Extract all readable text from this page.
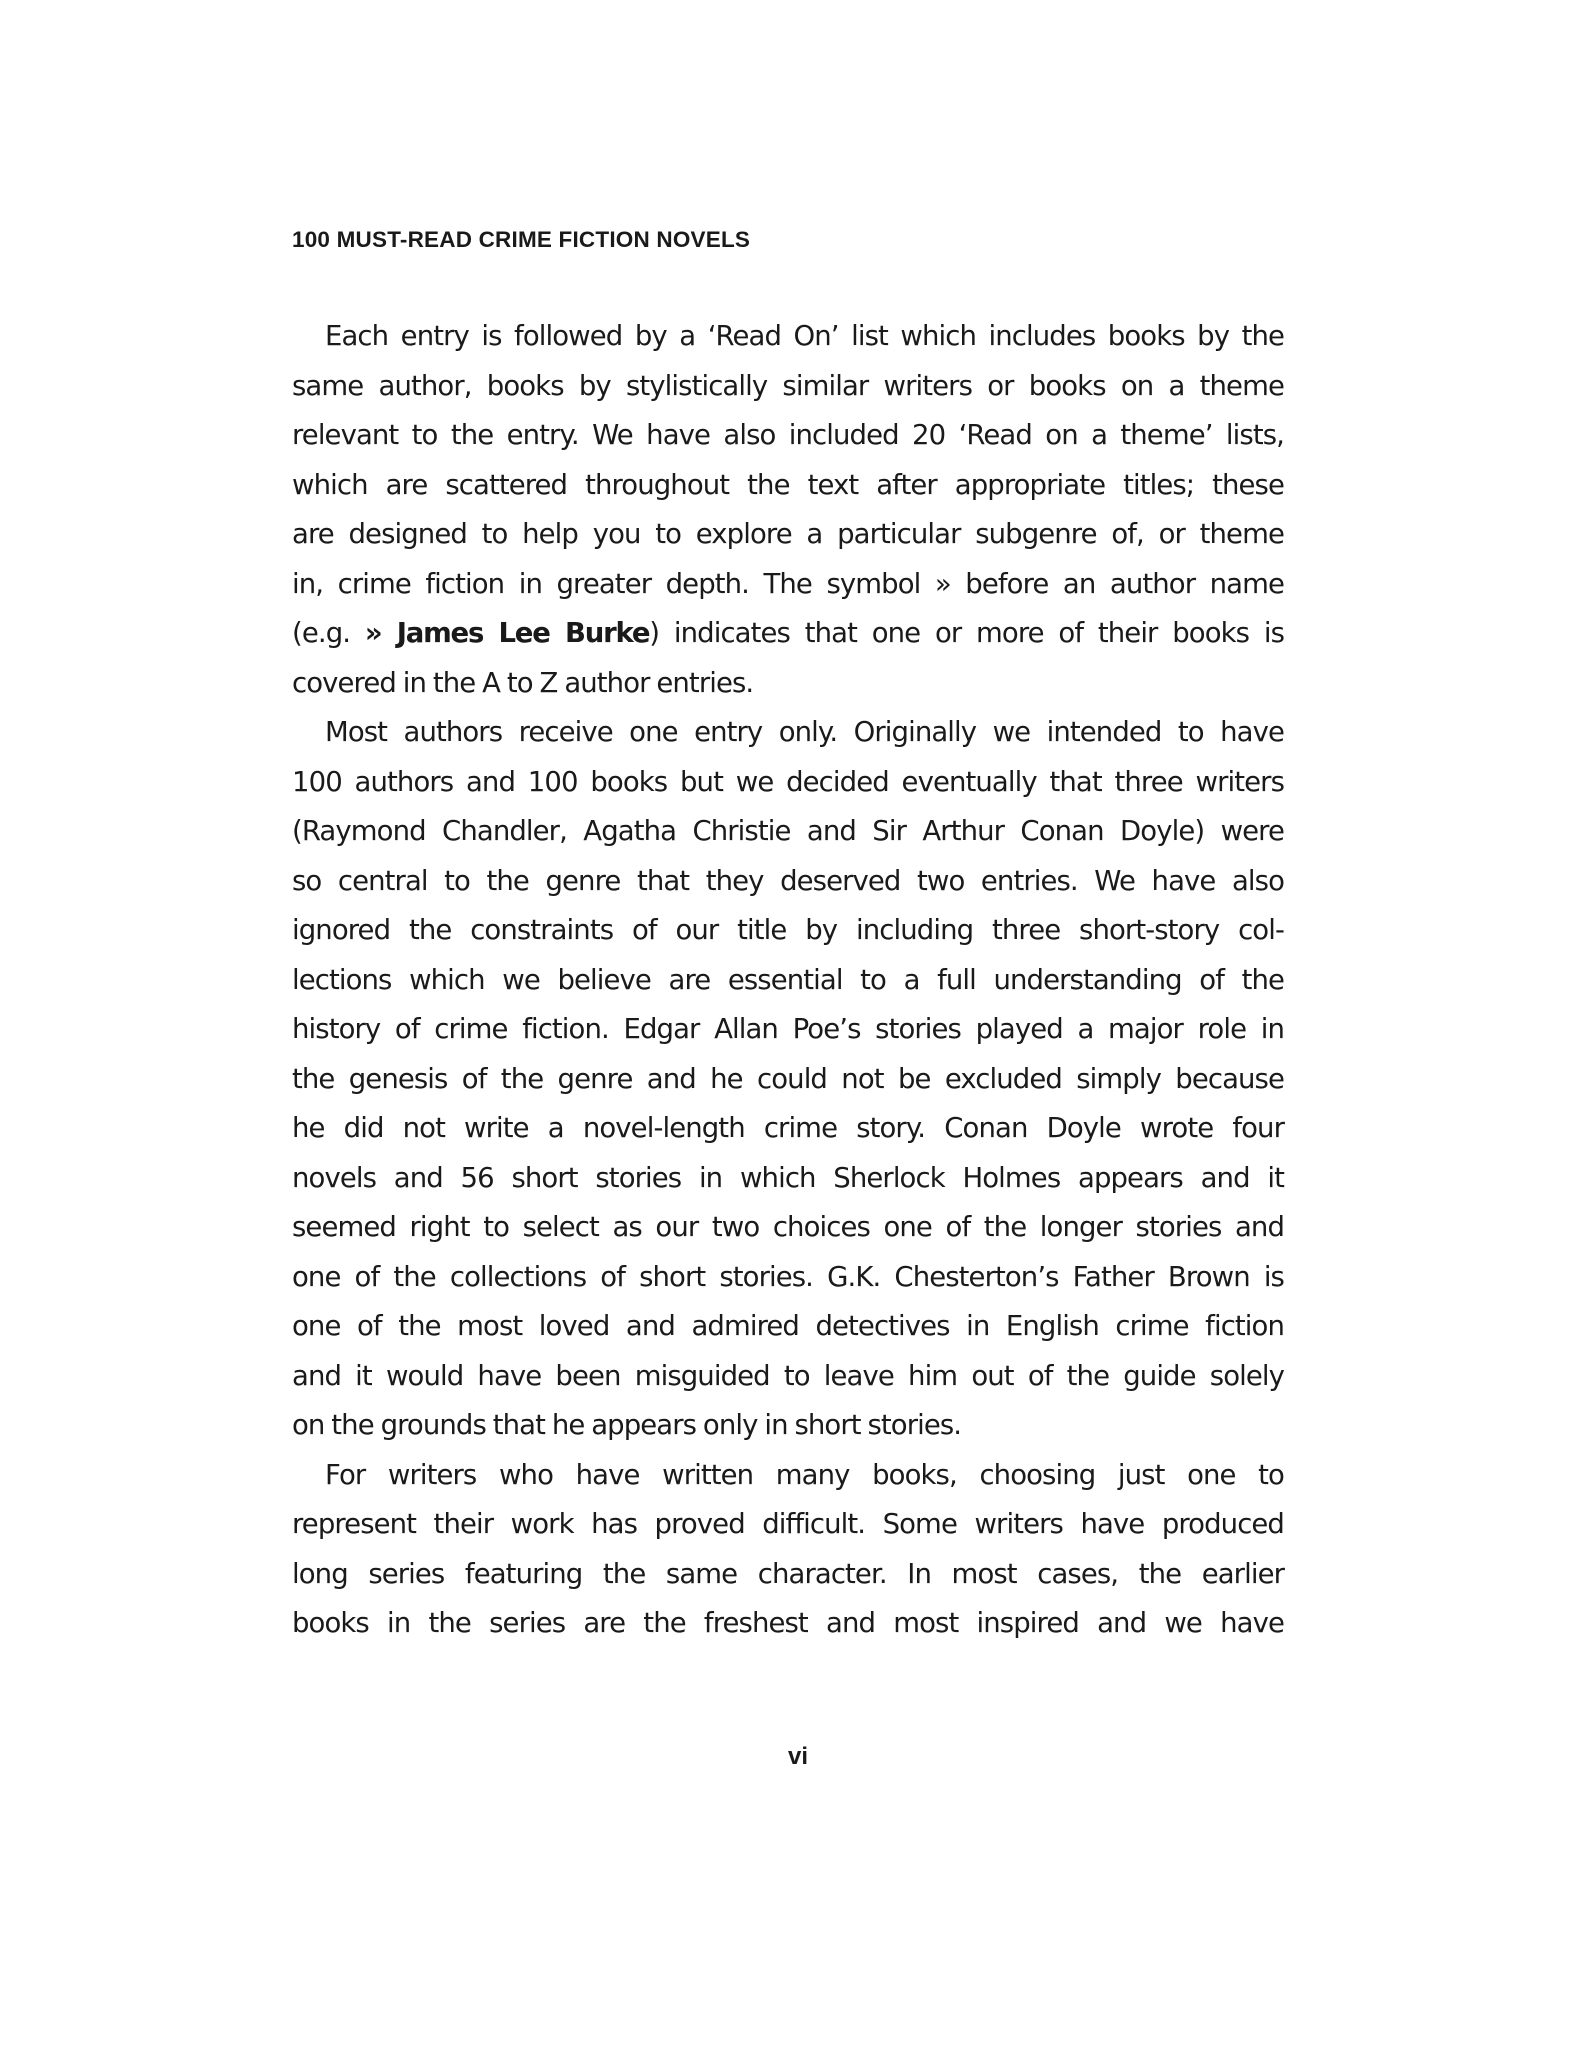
100 MUST-READ CRIME FICTION NOVELS
Each entry is followed by a ‘Read On’ list which includes books by the
same author, books by stylistically similar writers or books on a theme
relevant to the entry. We have also included 20 ‘Read on a theme’ lists,
which are scattered throughout the text after appropriate titles; these
are designed to help you to explore a particular subgenre of, or theme
in, crime fiction in greater depth. The symbol » before an author name
(e.g. » James Lee Burke) indicates that one or more of their books is
covered in the A to Z author entries.
Most authors receive one entry only. Originally we intended to have
100 authors and 100 books but we decided eventually that three writers
(Raymond Chandler, Agatha Christie and Sir Arthur Conan Doyle) were
so central to the genre that they deserved two entries. We have also
ignored the constraints of our title by including three short-story col-
lections which we believe are essential to a full understanding of the
history of crime fiction. Edgar Allan Poe’s stories played a major role in
the genesis of the genre and he could not be excluded simply because
he did not write a novel-length crime story. Conan Doyle wrote four
novels and 56 short stories in which Sherlock Holmes appears and it
seemed right to select as our two choices one of the longer stories and
one of the collections of short stories. G.K. Chesterton’s Father Brown is
one of the most loved and admired detectives in English crime fiction
and it would have been misguided to leave him out of the guide solely
on the grounds that he appears only in short stories.
For writers who have written many books, choosing just one to
represent their work has proved difficult. Some writers have produced
long series featuring the same character. In most cases, the earlier
books in the series are the freshest and most inspired and we have
vi
